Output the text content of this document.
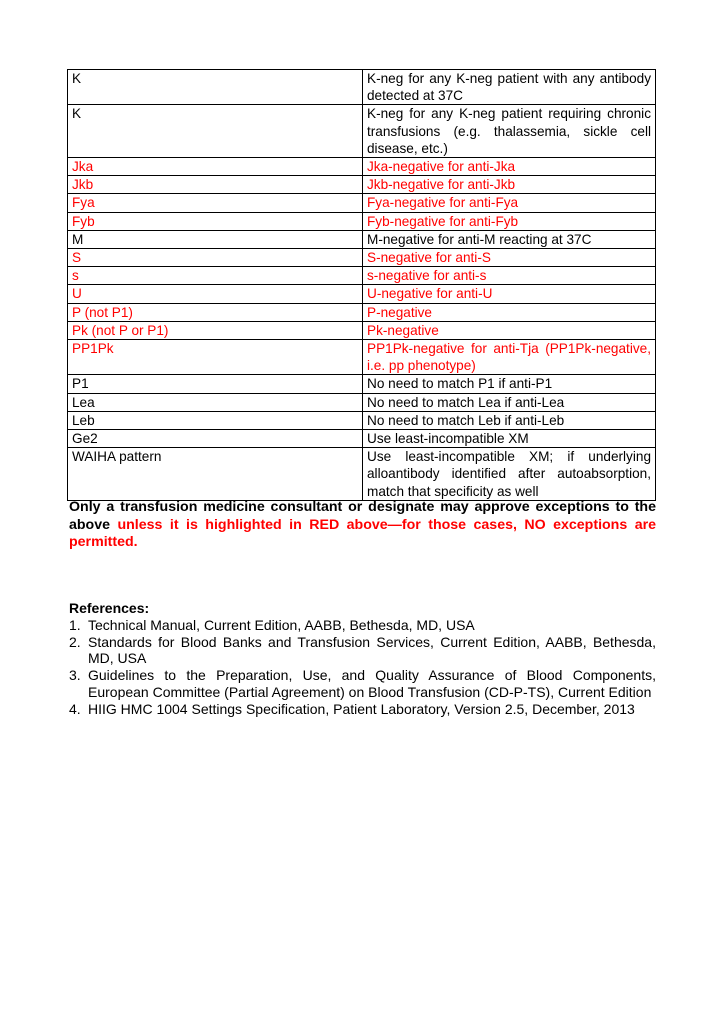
K	K-neg for any K-neg patient with any antibody detected at 37C
K	K-neg for any K-neg patient requiring chronic transfusions (e.g. thalassemia, sickle cell disease, etc.)
Jka	Jka-negative for anti-Jka
Jkb	Jkb-negative for anti-Jkb
Fya	Fya-negative for anti-Fya
Fyb	Fyb-negative for anti-Fyb
M	M-negative for anti-M reacting at 37C
S	S-negative for anti-S
s	s-negative for anti-s
U	U-negative for anti-U
P (not P1)	P-negative
Pk (not P or P1)	Pk-negative
PP1Pk	PP1Pk-negative for anti-Tja (PP1Pk-negative, i.e. pp phenotype)
P1	No need to match P1 if anti-P1
Lea	No need to match Lea if anti-Lea
Leb	No need to match Leb if anti-Leb
Ge2	Use least-incompatible XM
WAIHA pattern	Use least-incompatible XM; if underlying alloantibody identified after autoabsorption, match that specificity as well
Only a transfusion medicine consultant or designate may approve exceptions to the above unless it is highlighted in RED above—for those cases, NO exceptions are permitted.
References:
1. Technical Manual, Current Edition, AABB, Bethesda, MD, USA
2. Standards for Blood Banks and Transfusion Services, Current Edition, AABB, Bethesda, MD, USA
3. Guidelines to the Preparation, Use, and Quality Assurance of Blood Components, European Committee (Partial Agreement) on Blood Transfusion (CD-P-TS), Current Edition
4. HIIG HMC 1004 Settings Specification, Patient Laboratory, Version 2.5, December, 2013
